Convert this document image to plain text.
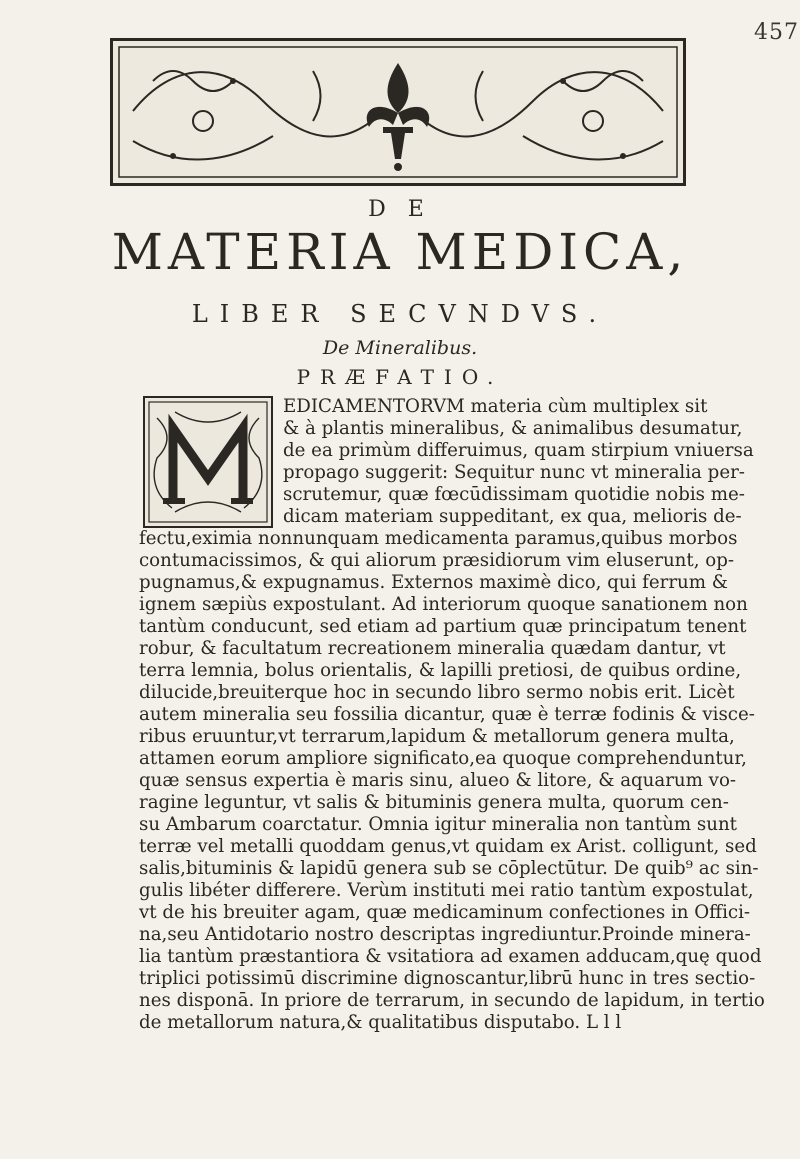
457
DE
MATERIA MEDICA,
LIBER SECVNDVS.
De Mineralibus.
PRÆFATIO.
EDICAMENTORVM materia cùm multiplex sit
& à plantis mineralibus, & animalibus desumatur,
de ea primùm differuimus, quam stirpium vniuersa
propago suggerit: Sequitur nunc vt mineralia per-
scrutemur, quæ fœcūdissimam quotidie nobis me-
dicam materiam suppeditant, ex qua, melioris de-
fectu,eximia nonnunquam medicamenta paramus,quibus morbos
contumacissimos, & qui aliorum præsidiorum vim eluserunt, op-
pugnamus,& expugnamus. Externos maximè dico, qui ferrum &
ignem sæpiùs expostulant. Ad interiorum quoque sanationem non
tantùm conducunt, sed etiam ad partium quæ principatum tenent
robur, & facultatum recreationem mineralia quædam dantur, vt
terra lemnia, bolus orientalis, & lapilli pretiosi, de quibus ordine,
dilucide,breuiterque hoc in secundo libro sermo nobis erit. Licèt
autem mineralia seu fossilia dicantur, quæ è terræ fodinis & visce-
ribus eruuntur,vt terrarum,lapidum & metallorum genera multa,
attamen eorum ampliore significato,ea quoque comprehenduntur,
quæ sensus expertia è maris sinu, alueo & litore, & aquarum vo-
ragine leguntur, vt salis & bituminis genera multa, quorum cen-
su Ambarum coarctatur. Omnia igitur mineralia non tantùm sunt
terræ vel metalli quoddam genus,vt quidam ex Arist. colligunt, sed
salis,bituminis & lapidū genera sub se cōplectūtur. De quib⁹ ac sin-
gulis libéter differere. Verùm instituti mei ratio tantùm expostulat,
vt de his breuiter agam, quæ medicaminum confectiones in Offici-
na,seu Antidotario nostro descriptas ingrediuntur.Proinde minera-
lia tantùm præstantiora & vsitatiora ad examen adducam,quę quod
triplici potissimū discrimine dignoscantur,librū hunc in tres sectio-
nes disponā. In priore de terrarum, in secundo de lapidum, in tertio
de metallorum natura,& qualitatibus disputabo. L l l
